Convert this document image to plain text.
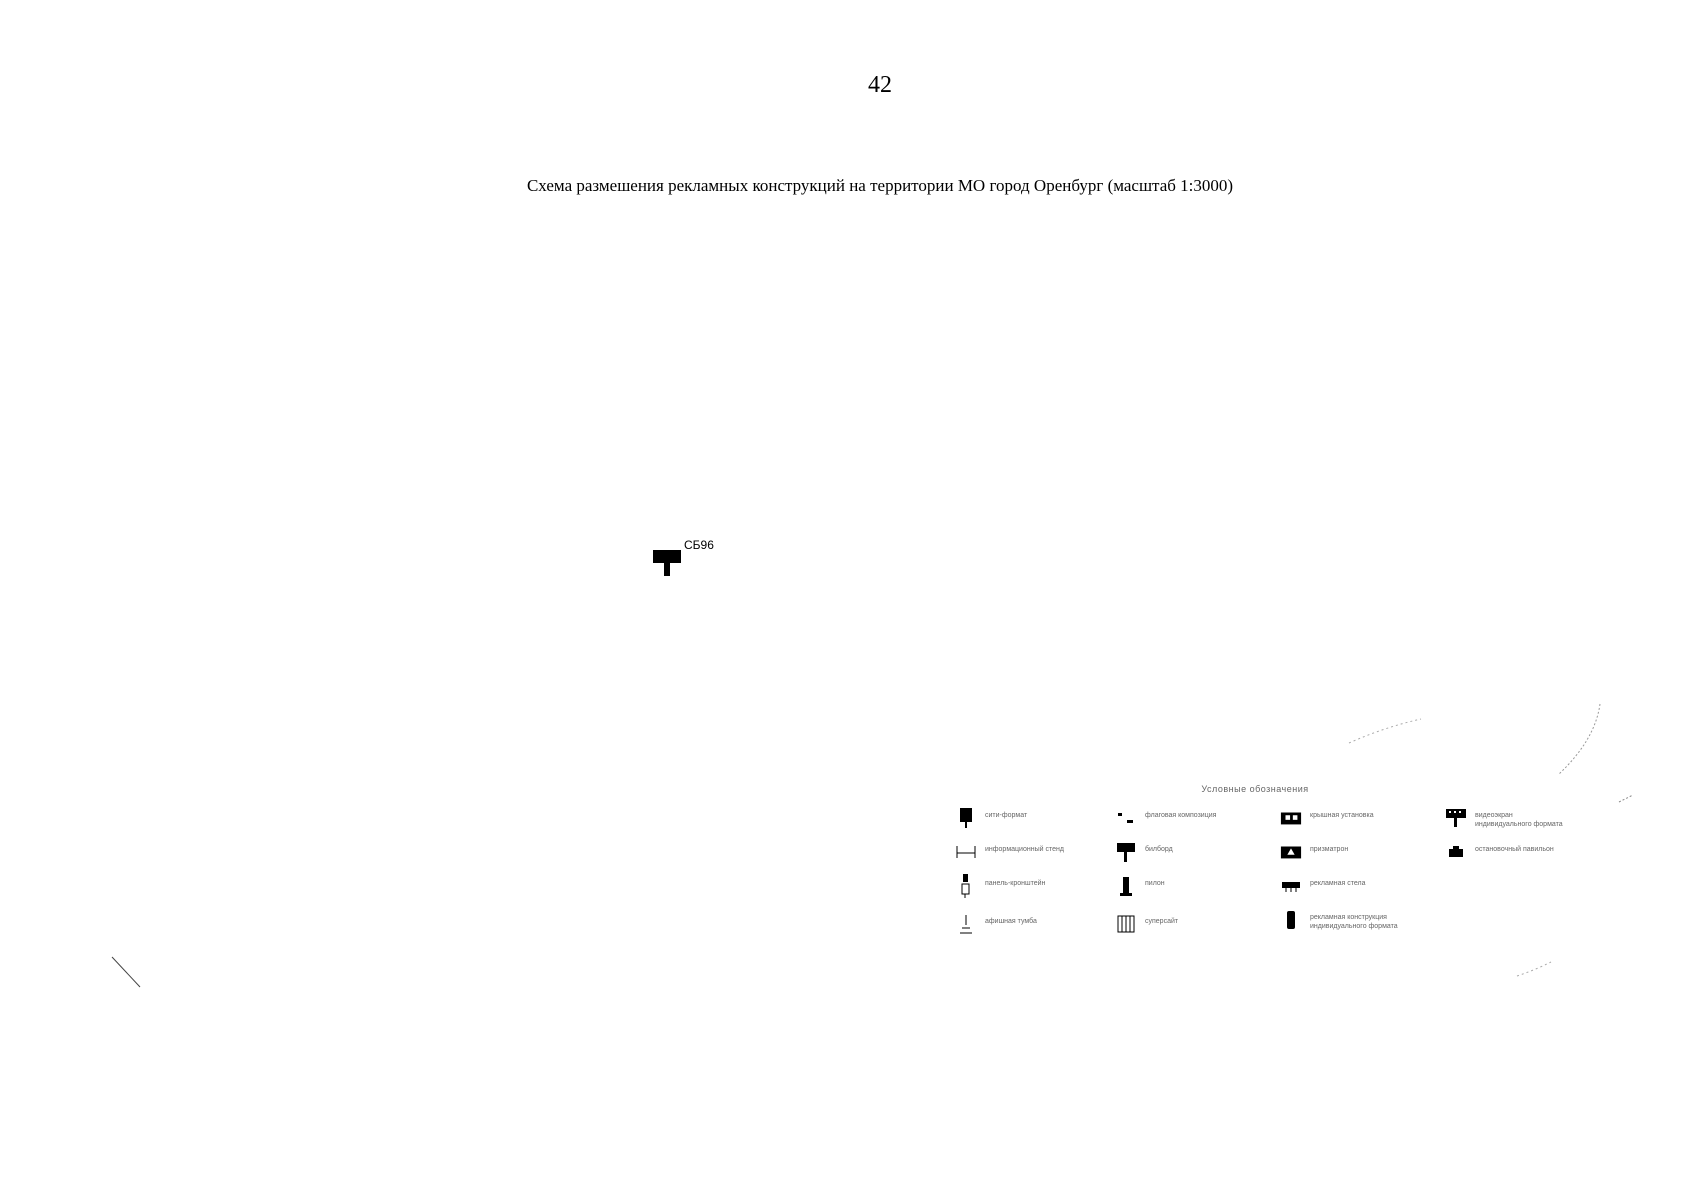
42
Схема размешения рекламных конструкций на территории МО город Оренбург (масштаб 1:3000)
СБ96
Условные обозначения
сити-формат
информационный стенд
панель-кронштейн
афишная тумба
флаговая композиция
билборд
пилон
суперсайт
крышная установка
призматрон
рекламная стела
рекламная конструкция
индивидуального формата
видеоэкран
индивидуального формата
остановочный павильон
